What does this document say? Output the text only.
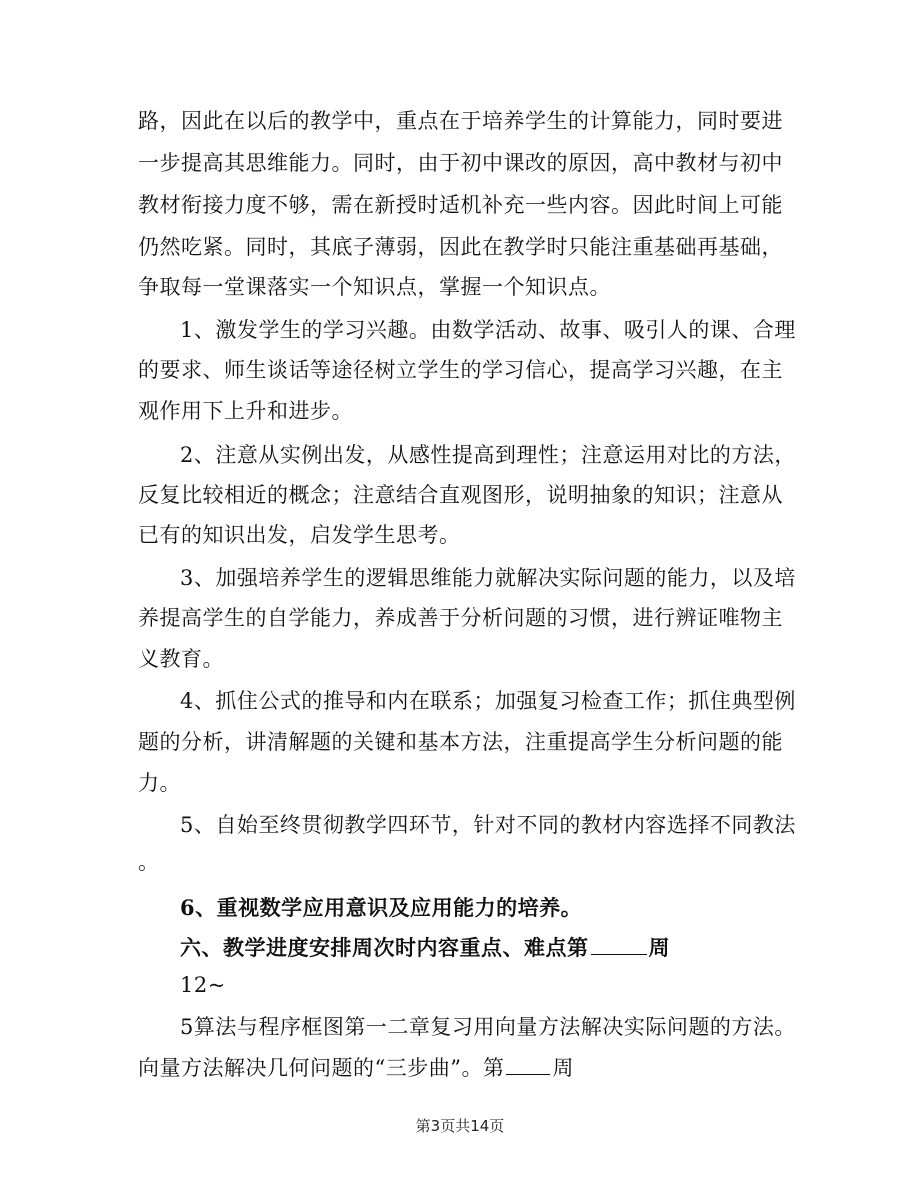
路，因此在以后的教学中，重点在于培养学生的计算能力，同时要进
一步提高其思维能力。同时，由于初中课改的原因，高中教材与初中
教材衔接力度不够，需在新授时适机补充一些内容。因此时间上可能
仍然吃紧。同时，其底子薄弱，因此在教学时只能注重基础再基础，
争取每一堂课落实一个知识点，掌握一个知识点。
1、激发学生的学习兴趣。由数学活动、故事、吸引人的课、合理
的要求、师生谈话等途径树立学生的学习信心，提高学习兴趣，在主
观作用下上升和进步。
2、注意从实例出发，从感性提高到理性；注意运用对比的方法，
反复比较相近的概念；注意结合直观图形，说明抽象的知识；注意从
已有的知识出发，启发学生思考。
3、加强培养学生的逻辑思维能力就解决实际问题的能力，以及培
养提高学生的自学能力，养成善于分析问题的习惯，进行辨证唯物主
义教育。
4、抓住公式的推导和内在联系；加强复习检查工作；抓住典型例
题的分析，讲清解题的关键和基本方法，注重提高学生分析问题的能
力。
5、自始至终贯彻教学四环节，针对不同的教材内容选择不同教法
。
6、重视数学应用意识及应用能力的培养。
六、教学进度安排周次时内容重点、难点第	周
12~
5算法与程序框图第一二章复习用向量方法解决实际问题的方法。
向量方法解决几何问题的“三步曲”。第 周
第3页共14页
